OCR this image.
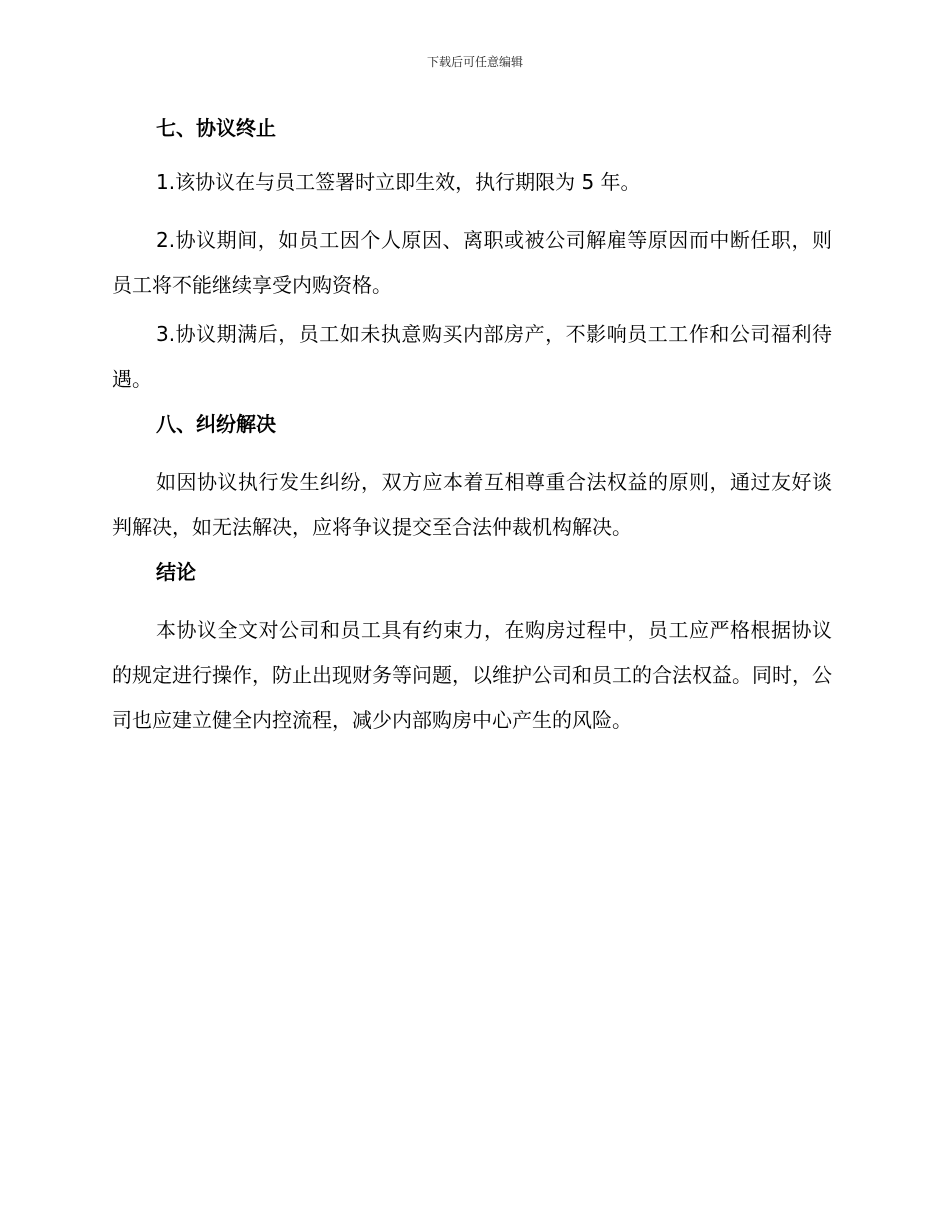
下载后可任意编辑
七、协议终止

1.该协议在与员工签署时立即生效，执行期限为 5 年。

2.协议期间，如员工因个人原因、离职或被公司解雇等原因而中断任职，则员工将不能继续享受内购资格。

3.协议期满后，员工如未执意购买内部房产，不影响员工工作和公司福利待遇。

八、纠纷解决

如因协议执行发生纠纷，双方应本着互相尊重合法权益的原则，通过友好谈判解决，如无法解决，应将争议提交至合法仲裁机构解决。

结论

本协议全文对公司和员工具有约束力，在购房过程中，员工应严格根据协议的规定进行操作，防止出现财务等问题，以维护公司和员工的合法权益。同时，公司也应建立健全内控流程，减少内部购房中心产生的风险。
